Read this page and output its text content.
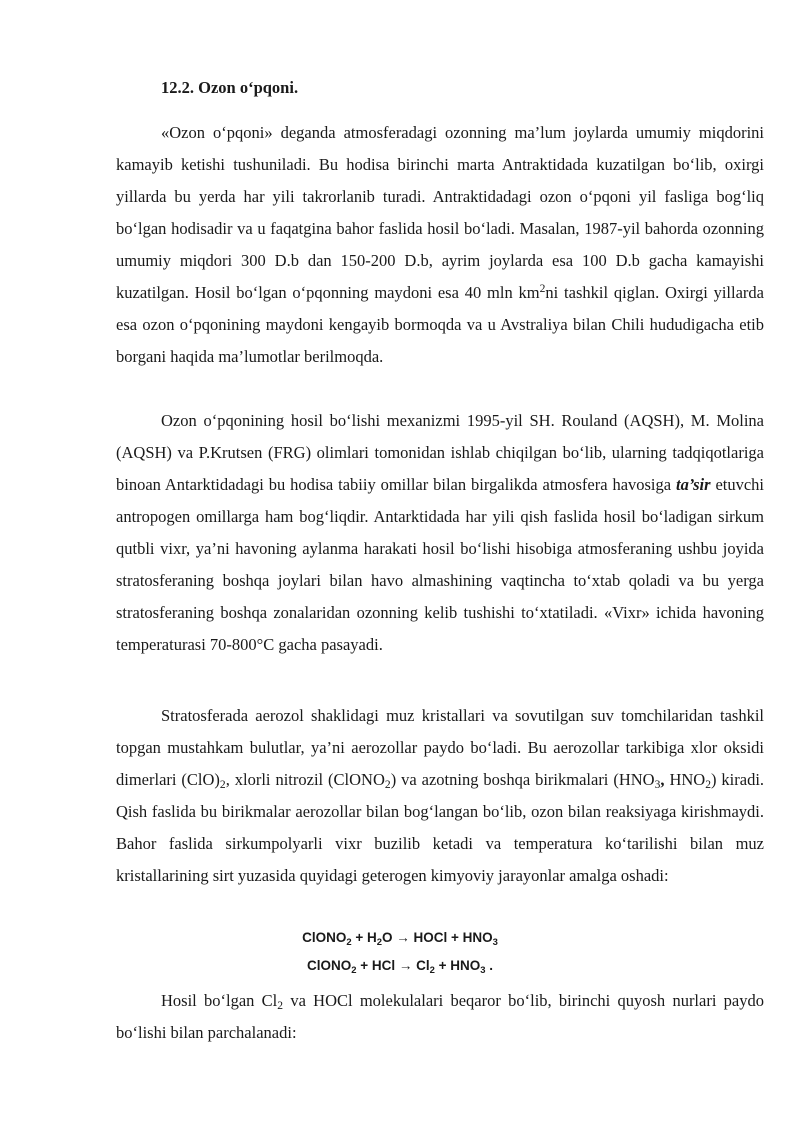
12.2. Ozon o‘pqoni.

«Ozon o‘pqoni» deganda atmosferadagi ozonning ma’lum joylarda umumiy miqdorini kamayib ketishi tushuniladi. Bu hodisa birinchi marta Antraktidada kuzatilgan bo‘lib, oxirgi yillarda bu yerda har yili takrorlanib turadi. Antraktidadagi ozon o‘pqoni yil fasliga bog‘liq bo‘lgan hodisadir va u faqatgina bahor faslida hosil bo‘ladi. Masalan, 1987-yil bahorda ozonning umumiy miqdori 300 D.b dan 150-200 D.b, ayrim joylarda esa 100 D.b gacha kamayishi kuzatilgan. Hosil bo‘lgan o‘pqonning maydoni esa 40 mln $km^2ni$ tashkil qiglan. Oxirgi yillarda esa ozon o‘pqonining maydoni kengayib bormoqda va u Avstraliya bilan Chili hududigacha etib borgani haqida ma’lumotlar berilmoqda.

Ozon o‘pqonining hosil bo‘lishi mexanizmi 1995-yil SH. Rouland (AQSH), M. Molina (AQSH) va P.Krutsen (FRG) olimlari tomonidan ishlab chiqilgan bo‘lib, ularning tadqiqotlariga binoan Antarktidadagi bu hodisa tabiiy omillar bilan birgalikda atmosfera havosiga ta’sir etuvchi antropogen omillarga ham bog‘liqdir. Antarktidada har yili qish faslida hosil bo‘ladigan sirkum qutbli vixr, ya’ni havoning aylanma harakati hosil bo‘lishi hisobiga atmosferaning ushbu joyida stratosferaning boshqa joylari bilan havo almashining vaqtincha to‘xtab qoladi va bu yerga stratosferaning boshqa zonalaridan ozonning kelib tushishi to‘xtatiladi. «Vixr» ichida havoning temperaturasi 70-800°C gacha pasayadi.

Stratosferada aerozol shaklidagi muz kristallari va sovutilgan suv tomchilaridan tashkil topgan mustahkam bulutlar, ya’ni aerozollar paydo bo‘ladi. Bu aerozollar tarkibiga xlor oksidi dimerlari $(ClO)_2$, xlorli nitrozil (ClONO$_2$) va azotning boshqa birikmalari ($HNO_3$, $HNO_2$) kiradi. Qish faslida bu birikmalar aerozollar bilan bog‘langan bo‘lib, ozon bilan reaksiyaga kirishmaydi. Bahor faslida sirkumpolyarli vixr buzilib ketadi va temperatura ko‘tarilishi bilan muz kristallarining sirt yuzasida quyidagi geterogen kimyoviy jarayonlar amalga oshadi:

ClONO$_2$ + $H_2O$ → HOCl + $HNO_3$
ClONO$_2$ + HCl → $Cl_2 + HNO_3$ .

Hosil bo‘lgan $Cl_2$ va HOCl molekulalari beqaror bo‘lib, birinchi quyosh nurlari paydo bo‘lishi bilan parchalanadi:
